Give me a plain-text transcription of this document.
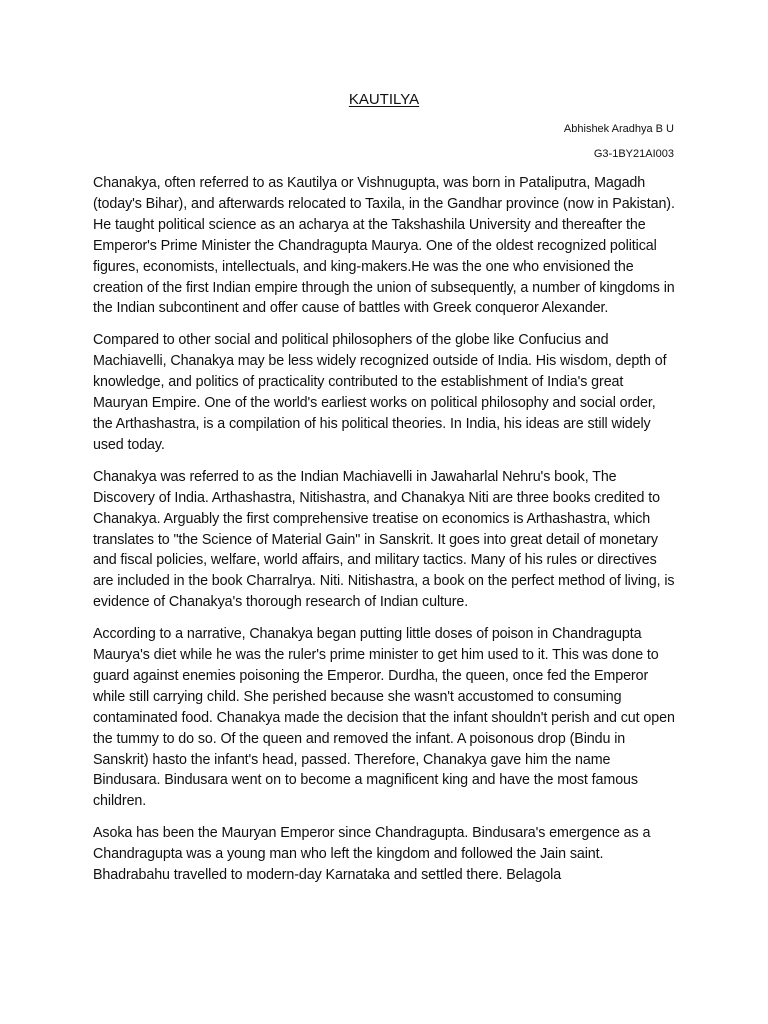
KAUTILYA
Abhishek Aradhya B U
G3-1BY21AI003

Chanakya, often referred to as Kautilya or Vishnugupta, was born in Pataliputra, Magadh (today's Bihar), and afterwards relocated to Taxila, in the Gandhar province (now in Pakistan). He taught political science as an acharya at the Takshashila University and thereafter the Emperor's Prime Minister the Chandragupta Maurya. One of the oldest recognized political figures, economists, intellectuals, and king-makers.He was the one who envisioned the creation of the first Indian empire through the union of subsequently, a number of kingdoms in the Indian subcontinent and offer cause of battles with Greek conqueror Alexander.

Compared to other social and political philosophers of the globe like Confucius and Machiavelli, Chanakya may be less widely recognized outside of India. His wisdom, depth of knowledge, and politics of practicality contributed to the establishment of India's great Mauryan Empire. One of the world's earliest works on political philosophy and social order, the Arthashastra, is a compilation of his political theories. In India, his ideas are still widely used today.

Chanakya was referred to as the Indian Machiavelli in Jawaharlal Nehru's book, The Discovery of India. Arthashastra, Nitishastra, and Chanakya Niti are three books credited to Chanakya. Arguably the first comprehensive treatise on economics is Arthashastra, which translates to "the Science of Material Gain" in Sanskrit. It goes into great detail of monetary and fiscal policies, welfare, world affairs, and military tactics. Many of his rules or directives are included in the book Charralrya. Niti. Nitishastra, a book on the perfect method of living, is evidence of Chanakya's thorough research of Indian culture.

According to a narrative, Chanakya began putting little doses of poison in Chandragupta Maurya's diet while he was the ruler's prime minister to get him used to it. This was done to guard against enemies poisoning the Emperor. Durdha, the queen, once fed the Emperor while still carrying child. She perished because she wasn't accustomed to consuming contaminated food. Chanakya made the decision that the infant shouldn't perish and cut open the tummy to do so. Of the queen and removed the infant. A poisonous drop (Bindu in Sanskrit) hasto the infant's head, passed. Therefore, Chanakya gave him the name Bindusara. Bindusara went on to become a magnificent king and have the most famous children.

Asoka has been the Mauryan Emperor since Chandragupta. Bindusara's emergence as a Chandragupta was a young man who left the kingdom and followed the Jain saint. Bhadrabahu travelled to modern-day Karnataka and settled there. Belagola
